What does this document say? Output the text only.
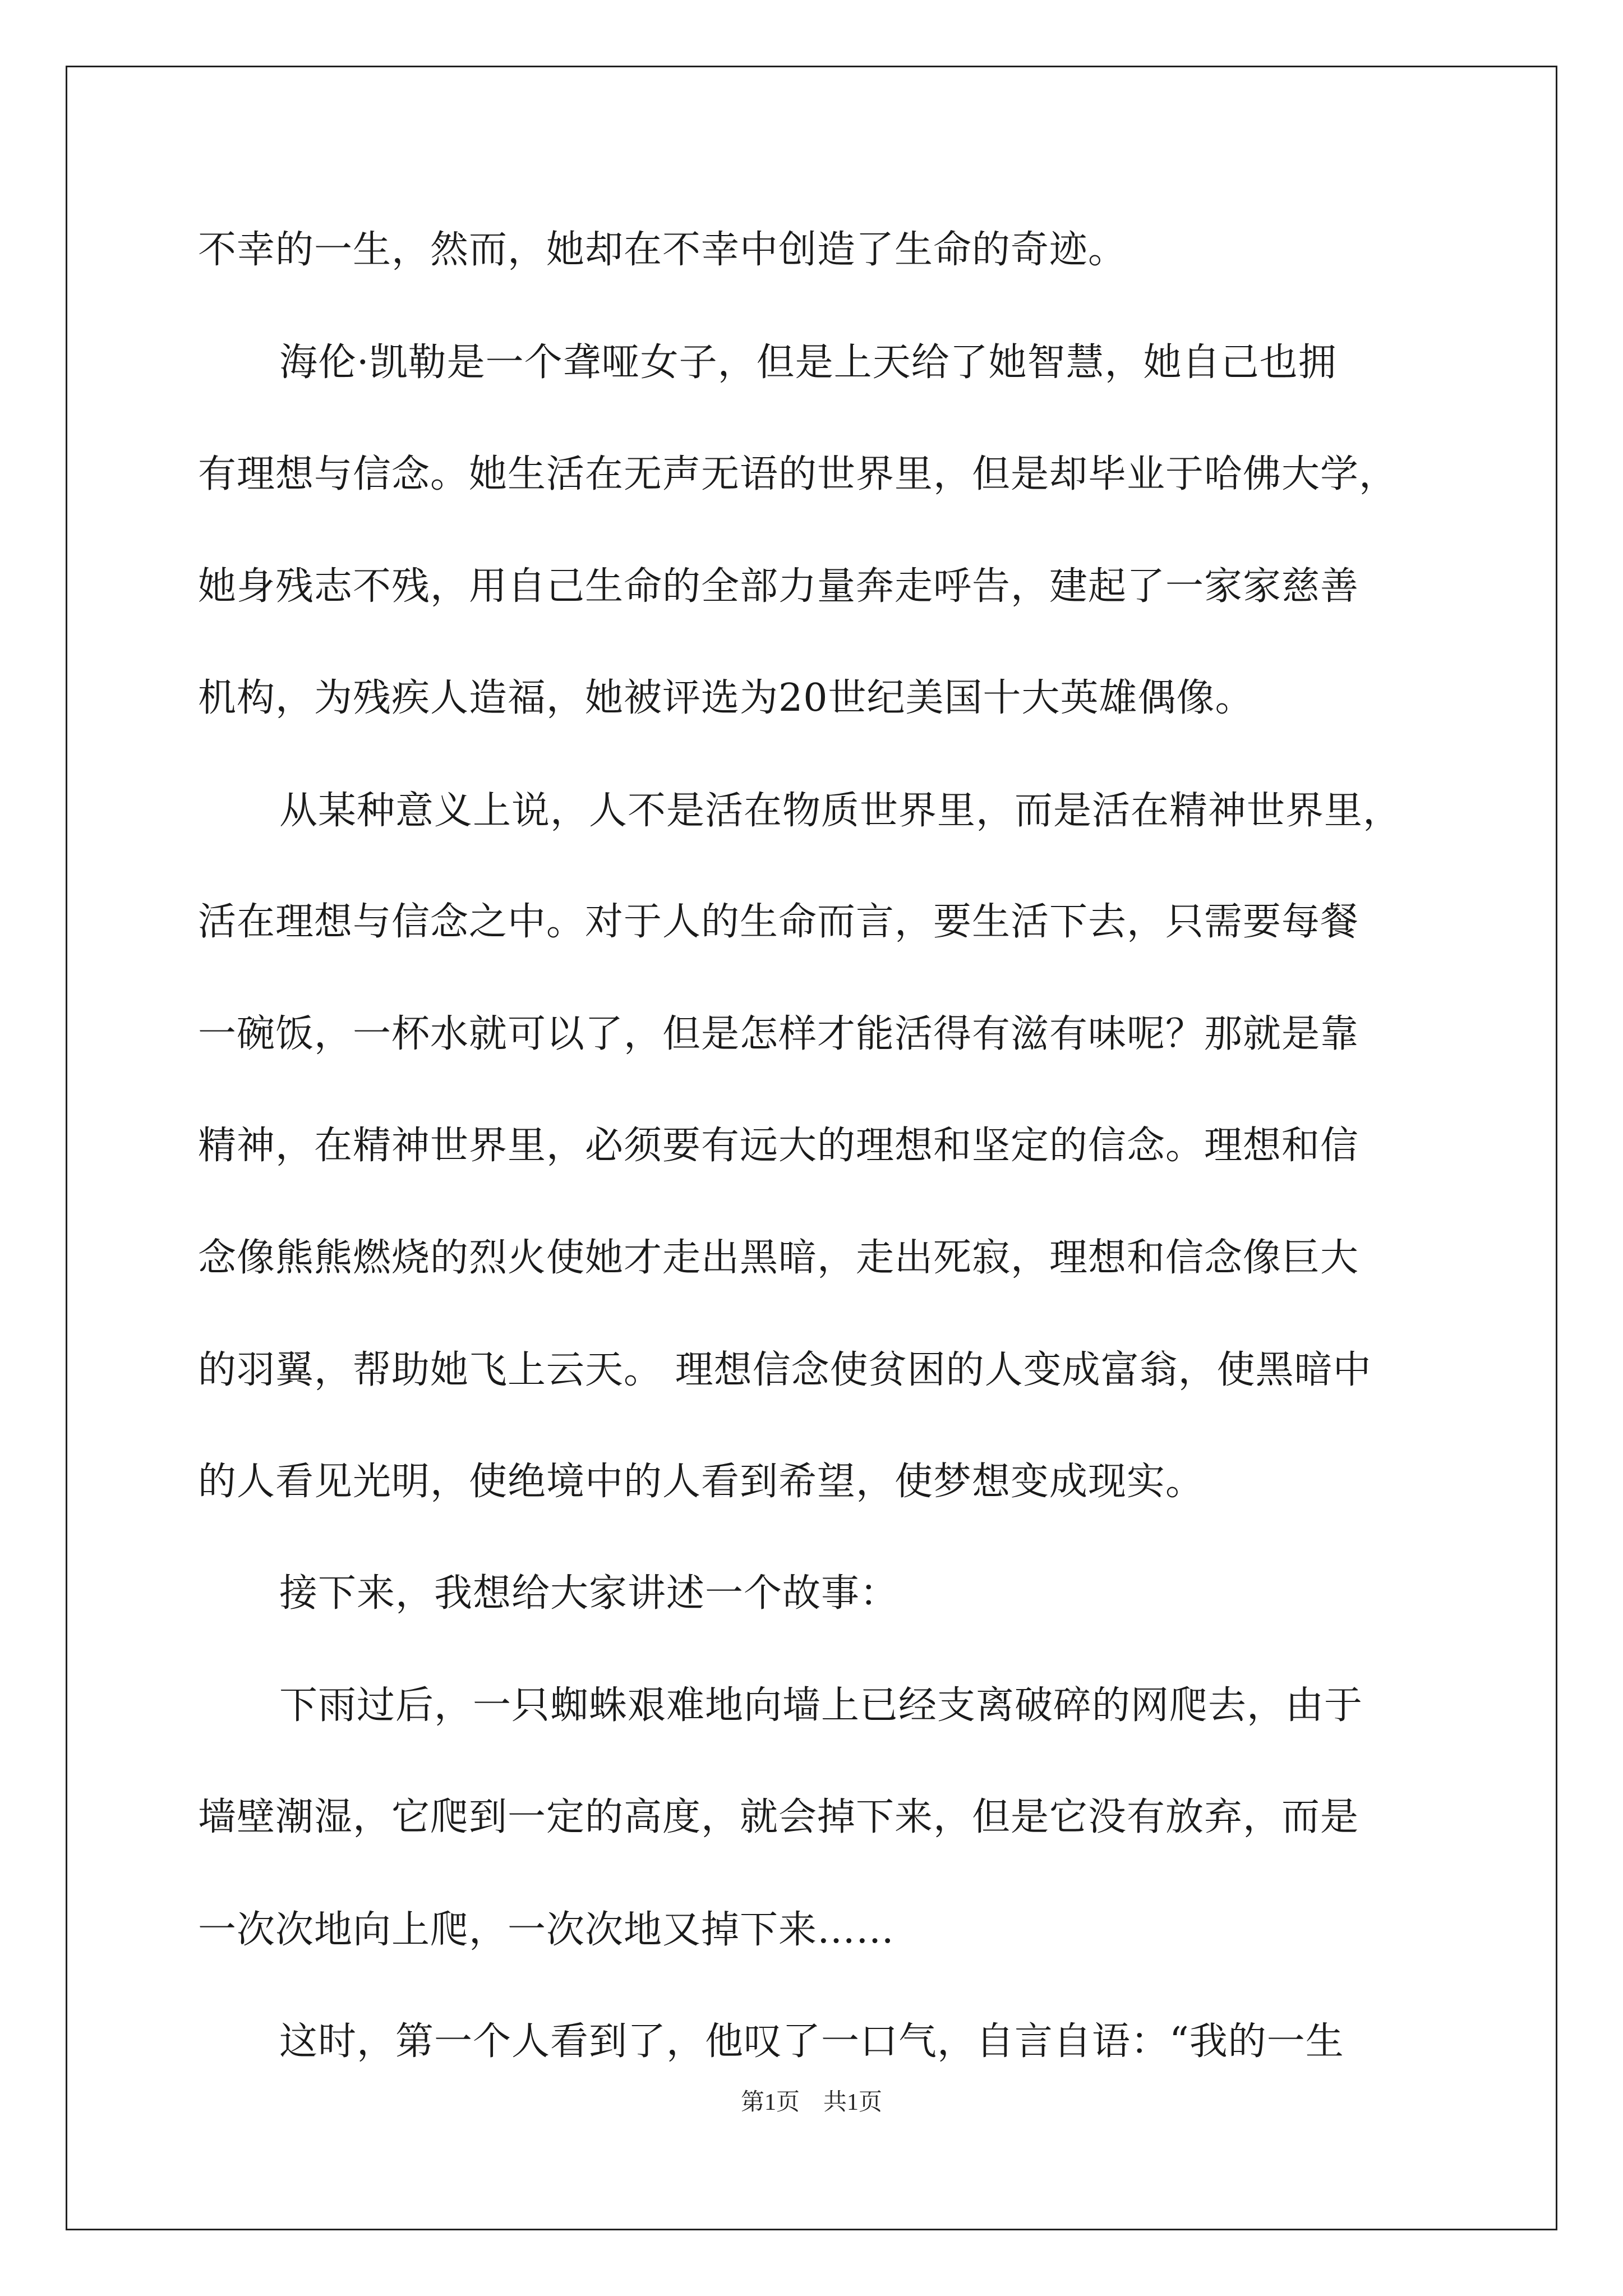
不幸的一生，然而，她却在不幸中创造了生命的奇迹。
海伦·凯勒是一个聋哑女子，但是上天给了她智慧，她自己也拥
有理想与信念。她生活在无声无语的世界里，但是却毕业于哈佛大学，
她身残志不残，用自己生命的全部力量奔走呼告，建起了一家家慈善
机构，为残疾人造福，她被评选为20世纪美国十大英雄偶像。
从某种意义上说，人不是活在物质世界里，而是活在精神世界里，
活在理想与信念之中。对于人的生命而言，要生活下去，只需要每餐
一碗饭，一杯水就可以了，但是怎样才能活得有滋有味呢？那就是靠
精神，在精神世界里，必须要有远大的理想和坚定的信念。理想和信
念像熊熊燃烧的烈火使她才走出黑暗，走出死寂，理想和信念像巨大
的羽翼，帮助她飞上云天。 理想信念使贫困的人变成富翁，使黑暗中
的人看见光明，使绝境中的人看到希望，使梦想变成现实。
接下来，我想给大家讲述一个故事：
下雨过后，一只蜘蛛艰难地向墙上已经支离破碎的网爬去，由于
墙壁潮湿，它爬到一定的高度，就会掉下来，但是它没有放弃，而是
一次次地向上爬，一次次地又掉下来……
这时，第一个人看到了，他叹了一口气，自言自语：“我的一生
第1页　共1页
